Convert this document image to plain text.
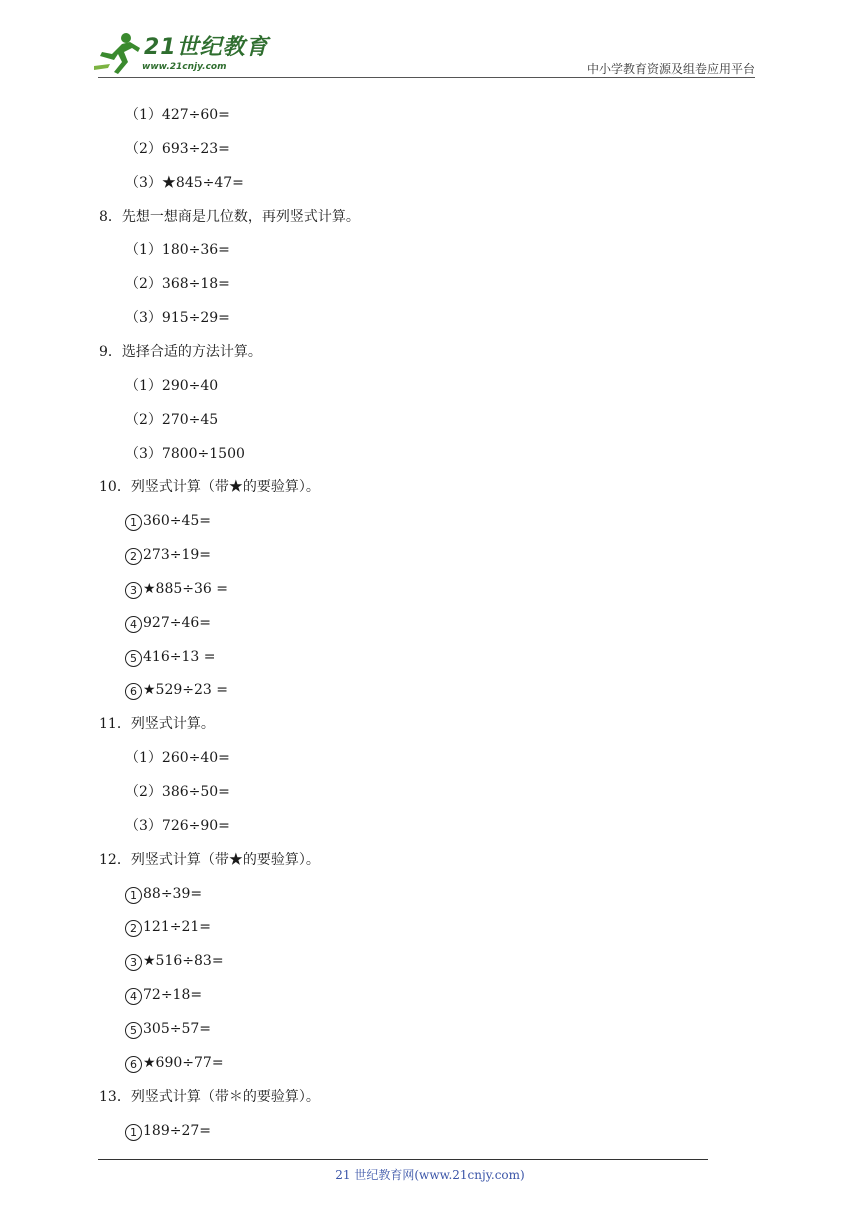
21世纪教育
www.21cnjy.com	中小学教育资源及组卷应用平台
（1）427÷60=
（2）693÷23=
（3）★845÷47=
8．先想一想商是几位数，再列竖式计算。
（1）180÷36=
（2）368÷18=
（3）915÷29=
9．选择合适的方法计算。
（1）290÷40
（2）270÷45
（3）7800÷1500
10．列竖式计算（带★的要验算）。
1 360÷45=
2 273÷19=
3 ★885÷36 =
4 927÷46=
5 416÷13 =
6 ★529÷23 =
11．列竖式计算。
（1）260÷40=
（2）386÷50=
（3）726÷90=
12．列竖式计算（带★的要验算）。
1 88÷39=
2 121÷21=
3 ★516÷83=
4 72÷18=
5 305÷57=
6 ★690÷77=
13．列竖式计算（带＊的要验算）。
1 189÷27=
21 世纪教育网(www.21cnjy.com)
